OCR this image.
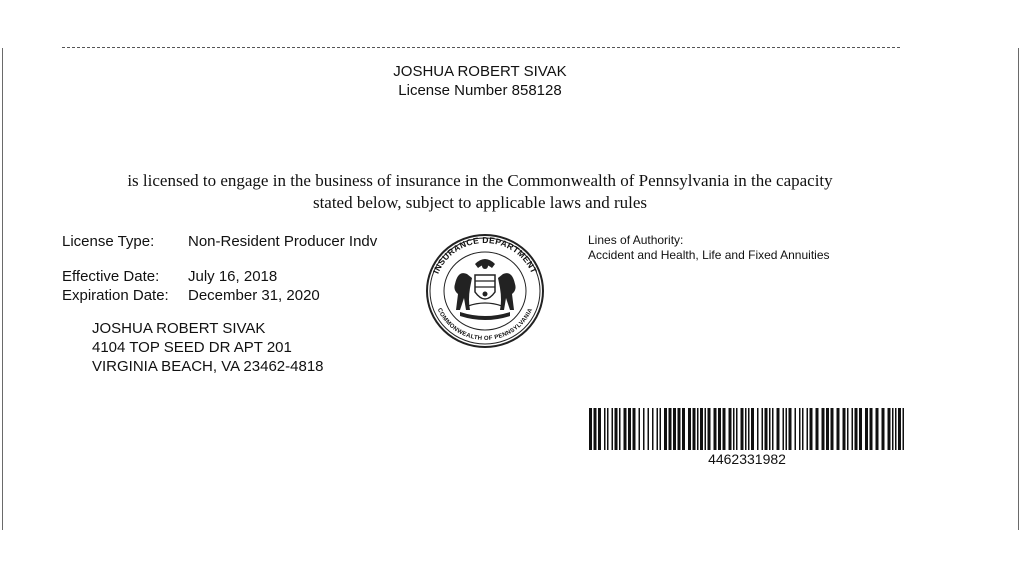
JOSHUA ROBERT SIVAK
License Number 858128
is licensed to engage in the business of insurance in the Commonwealth of Pennsylvania in the capacity
stated below, subject to applicable laws and rules
License Type: Non-Resident Producer Indv
Effective Date: July 16, 2018
Expiration Date: December 31, 2020
JOSHUA ROBERT SIVAK
4104 TOP SEED DR APT 201
VIRGINIA BEACH, VA 23462-4818
Lines of Authority:
Accident and Health, Life and Fixed Annuities
INSURANCE DEPARTMENT
COMMONWEALTH OF PENNSYLVANIA
4462331982
